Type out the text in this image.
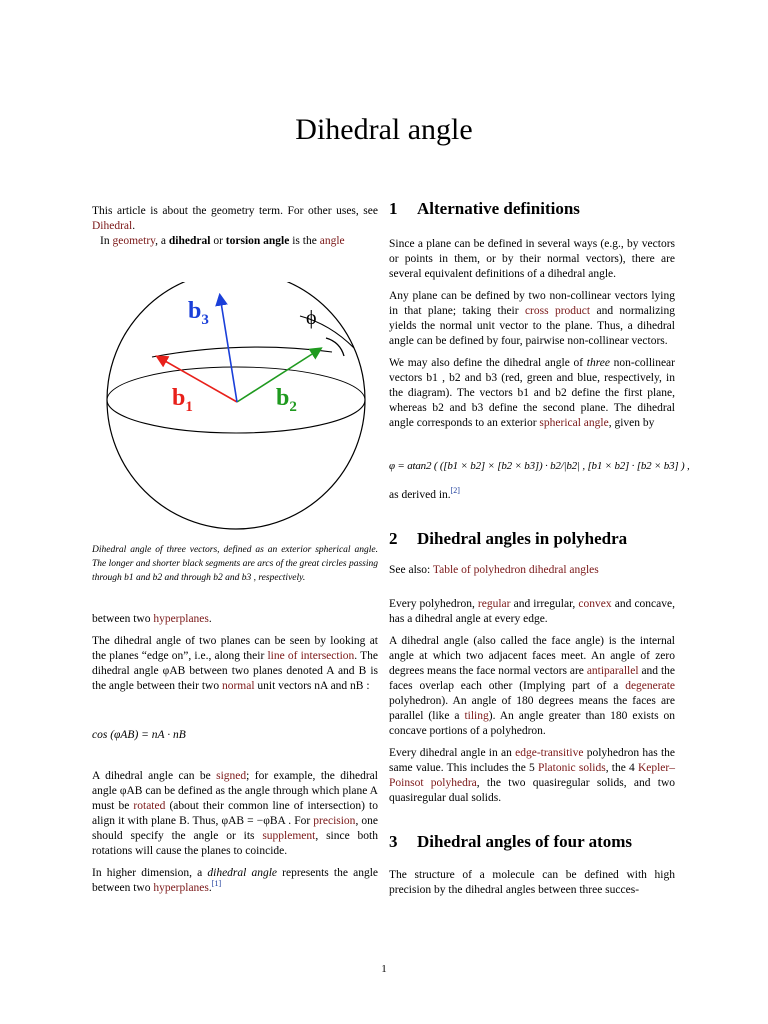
Dihedral angle

This article is about the geometry term. For other uses, see Dihedral.

In geometry, a dihedral or torsion angle is the angle

$b_1$	$b_2$
$b_3$	ϕ
Dihedral angle of three vectors, defined as an exterior spherical angle. The longer and shorter black segments are arcs of the great circles passing through b1 and b2 and through b2 and b3 , respectively.

between two hyperplanes.

The dihedral angle of two planes can be seen by looking at the planes “edge on”, i.e., along their line of intersection. The dihedral angle φAB between two planes denoted A and B is the angle between their two normal unit vectors nA and nB :

cos (φAB) = nA · nB

A dihedral angle can be signed; for example, the dihedral angle φAB can be defined as the angle through which plane A must be rotated (about their common line of intersection) to align it with plane B. Thus, φAB = −φBA . For precision, one should specify the angle or its supplement, since both rotations will cause the planes to coincide.

In higher dimension, a dihedral angle represents the angle between two hyperplanes.[1]

1 Alternative definitions

Since a plane can be defined in several ways (e.g., by vectors or points in them, or by their normal vectors), there are several equivalent definitions of a dihedral angle.

Any plane can be defined by two non-collinear vectors lying in that plane; taking their cross product and normalizing yields the normal unit vector to the plane. Thus, a dihedral angle can be defined by four, pairwise non-collinear vectors.

We may also define the dihedral angle of three non-collinear vectors b1 , b2 and b3 (red, green and blue, respectively, in the diagram). The vectors b1 and b2 define the first plane, whereas b2 and b3 define the second plane. The dihedral angle corresponds to an exterior spherical angle, given by

φ = atan2 ( ([b1 × b2] × [b2 × b3]) · b2/|b2| , [b1 × b2] · [b2 × b3] ) ,

as derived in.[2]

2 Dihedral angles in polyhedra

See also: Table of polyhedron dihedral angles

Every polyhedron, regular and irregular, convex and concave, has a dihedral angle at every edge.

A dihedral angle (also called the face angle) is the internal angle at which two adjacent faces meet. An angle of zero degrees means the face normal vectors are antiparallel and the faces overlap each other (Implying part of a degenerate polyhedron). An angle of 180 degrees means the faces are parallel (like a tiling). An angle greater than 180 exists on concave portions of a polyhedron.

Every dihedral angle in an edge-transitive polyhedron has the same value. This includes the 5 Platonic solids, the 4 Kepler–Poinsot polyhedra, the two quasiregular solids, and two quasiregular dual solids.

3 Dihedral angles of four atoms

The structure of a molecule can be defined with high precision by the dihedral angles between three succes-

1
